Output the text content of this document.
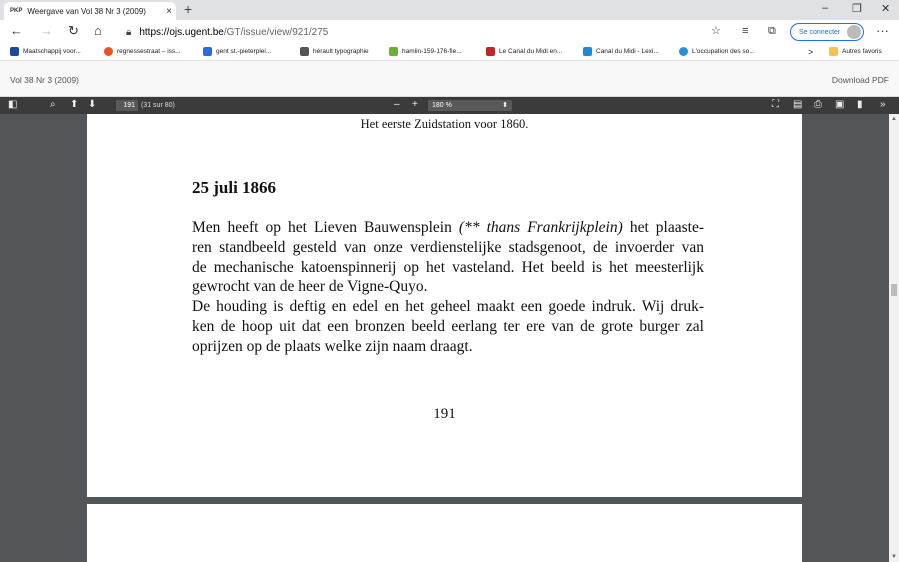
PKP Weergave van Vol 38 Nr 3 (2009)	× +	– ❐ ✕
← → ↻ ⌂ 🔒︎ https://ojs.ugent.be /GT/issue/view/921/275	☆ ≡ ⧉	Se connecter	···
Maatschappij voor...	regnessestraat – iss...	gent st.-pieterplei...	hérault typographie	hamlin-159-176-fie...	Le Canal du Midi en...	Canal du Midi - Lexi...	L'occupation des so...	>	Autres favoris
Vol 38 Nr 3 (2009)	Download PDF
◧	⌕ ⬆ ⬇	191 (31 sur 80)	– +	180 %	⬍	⛶ ▤ ⎙ ▣ ▮ »
▲
▼
Het eerste Zuidstation voor 1860.
25 juli 1866
Men heeft op het Lieven Bauwensplein (** thans Frankrijkplein) het plaaste-
ren standbeeld gesteld van onze verdienstelijke stadsgenoot, de invoerder van
de mechanische katoenspinnerij op het vasteland. Het beeld is het meesterlijk
gewrocht van de heer de Vigne-Quyo.
De houding is deftig en edel en het geheel maakt een goede indruk. Wij druk-
ken de hoop uit dat een bronzen beeld eerlang ter ere van de grote burger zal
oprijzen op de plaats welke zijn naam draagt.
191
